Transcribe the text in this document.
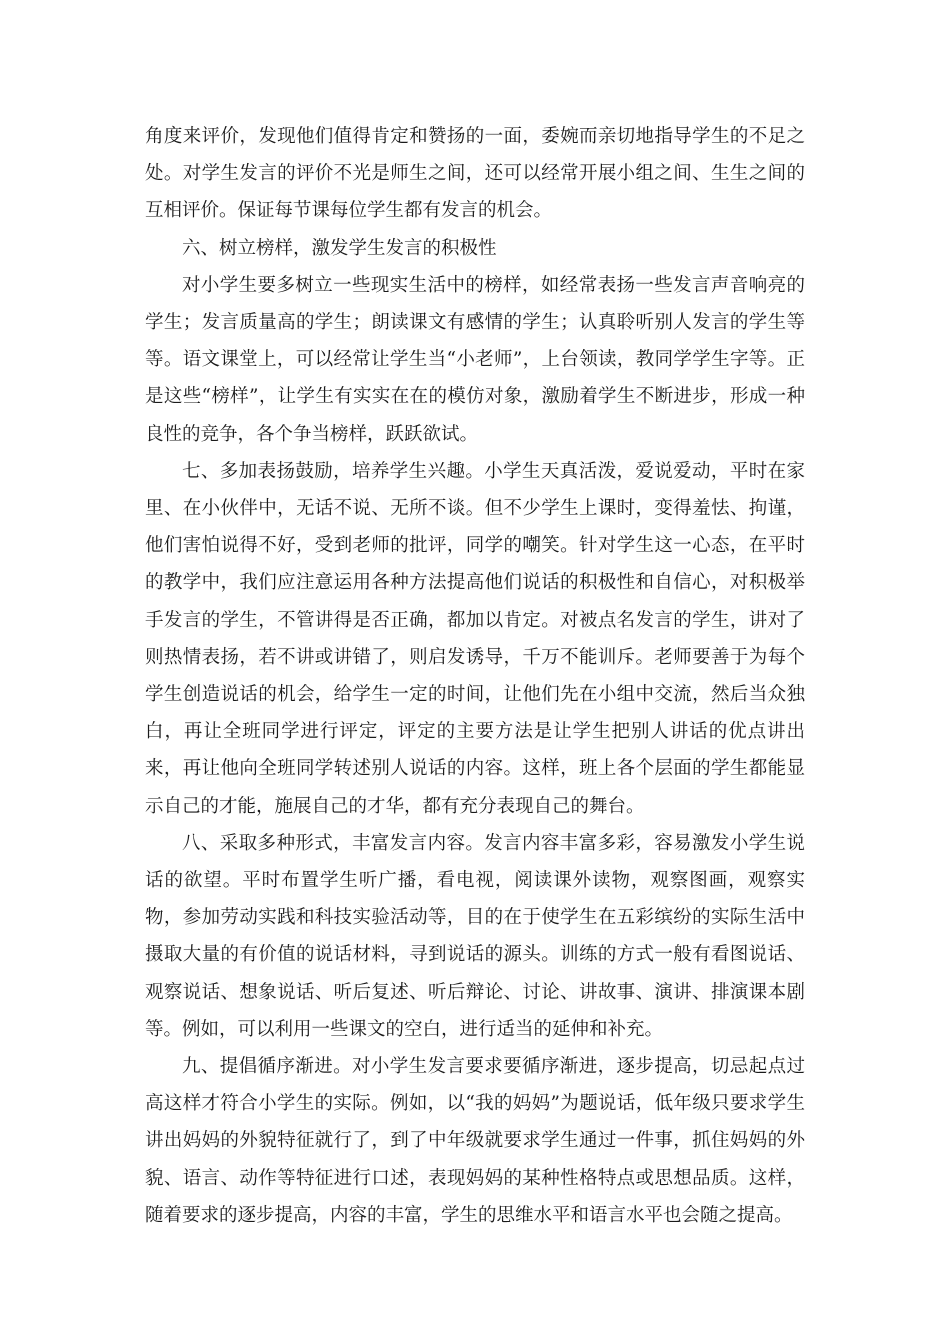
角度来评价，发现他们值得肯定和赞扬的一面，委婉而亲切地指导学生的不足之处。对学生发言的评价不光是师生之间，还可以经常开展小组之间、生生之间的互相评价。保证每节课每位学生都有发言的机会。

六、树立榜样，激发学生发言的积极性

对小学生要多树立一些现实生活中的榜样，如经常表扬一些发言声音响亮的学生；发言质量高的学生；朗读课文有感情的学生；认真聆听别人发言的学生等等。语文课堂上，可以经常让学生当“小老师”，上台领读，教同学学生字等。正是这些“榜样”，让学生有实实在在的模仿对象，激励着学生不断进步，形成一种良性的竞争，各个争当榜样，跃跃欲试。

七、多加表扬鼓励，培养学生兴趣。小学生天真活泼，爱说爱动，平时在家里、在小伙伴中，无话不说、无所不谈。但不少学生上课时，变得羞怯、拘谨，他们害怕说得不好，受到老师的批评，同学的嘲笑。针对学生这一心态，在平时的教学中，我们应注意运用各种方法提高他们说话的积极性和自信心，对积极举手发言的学生，不管讲得是否正确，都加以肯定。对被点名发言的学生，讲对了则热情表扬，若不讲或讲错了，则启发诱导，千万不能训斥。老师要善于为每个学生创造说话的机会，给学生一定的时间，让他们先在小组中交流，然后当众独白，再让全班同学进行评定，评定的主要方法是让学生把别人讲话的优点讲出来，再让他向全班同学转述别人说话的内容。这样，班上各个层面的学生都能显示自己的才能，施展自己的才华，都有充分表现自己的舞台。

八、采取多种形式，丰富发言内容。发言内容丰富多彩，容易激发小学生说话的欲望。平时布置学生听广播，看电视，阅读课外读物，观察图画，观察实物，参加劳动实践和科技实验活动等，目的在于使学生在五彩缤纷的实际生活中摄取大量的有价值的说话材料，寻到说话的源头。训练的方式一般有看图说话、观察说话、想象说话、听后复述、听后辩论、讨论、讲故事、演讲、排演课本剧等。例如，可以利用一些课文的空白，进行适当的延伸和补充。

九、提倡循序渐进。对小学生发言要求要循序渐进，逐步提高，切忌起点过高这样才符合小学生的实际。例如，以“我的妈妈”为题说话，低年级只要求学生讲出妈妈的外貌特征就行了，到了中年级就要求学生通过一件事，抓住妈妈的外貌、语言、动作等特征进行口述，表现妈妈的某种性格特点或思想品质。这样，随着要求的逐步提高，内容的丰富，学生的思维水平和语言水平也会随之提高。
